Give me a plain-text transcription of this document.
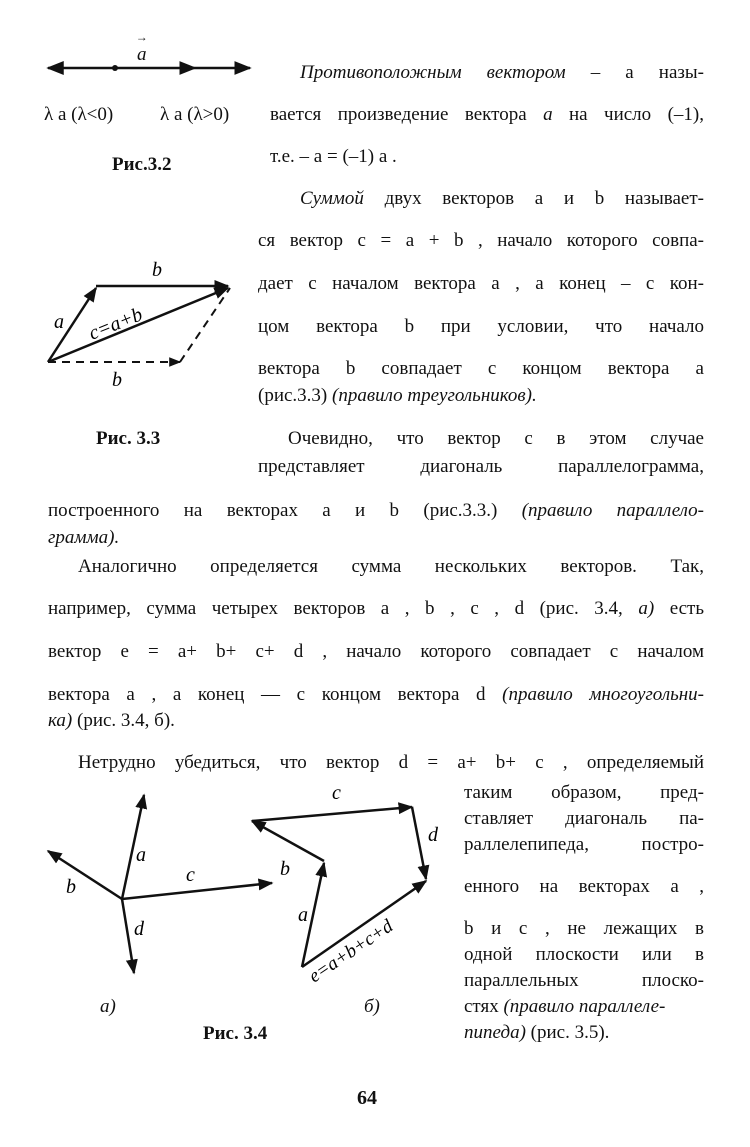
→ a
λ a (λ<0) λ a (λ>0)
Рис.3.2
b
a c=a+b
b
Рис. 3.3
a
b
c
d
c
d
b
a
e=a+b+c+d
а)	б)
Рис. 3.4
Противоположным вектором – a назы-
вается произведение вектора a на число (–1),
т.е. – a = (–1) a .
Суммой двух векторов a и b называет-
ся вектор c = a + b , начало которого совпа-
дает с началом вектора a , а конец – с кон-
цом вектора b при условии, что начало
вектора b совпадает с концом вектора a
(рис.3.3) (правило треугольников).
Очевидно, что вектор c в этом случае
представляет диагональ параллелограмма,
построенного на векторах a и b (рис.3.3.) (правило параллело-
грамма).
Аналогично определяется сумма нескольких векторов. Так,
например, сумма четырех векторов a , b , c , d (рис. 3.4, а) есть
вектор e = a+ b+ c+ d , начало которого совпадает с началом
вектора a , а конец — с концом вектора d (правило многоугольни-
ка) (рис. 3.4, б).
Нетрудно убедиться, что вектор d = a+ b+ c , определяемый
таким образом, пред-
ставляет диагональ па-
раллелепипеда, постро-
енного на векторах a ,
b и c , не лежащих в
одной плоскости или в
параллельных плоско-
стях (правило параллеле-
пипеда) (рис. 3.5).
64
